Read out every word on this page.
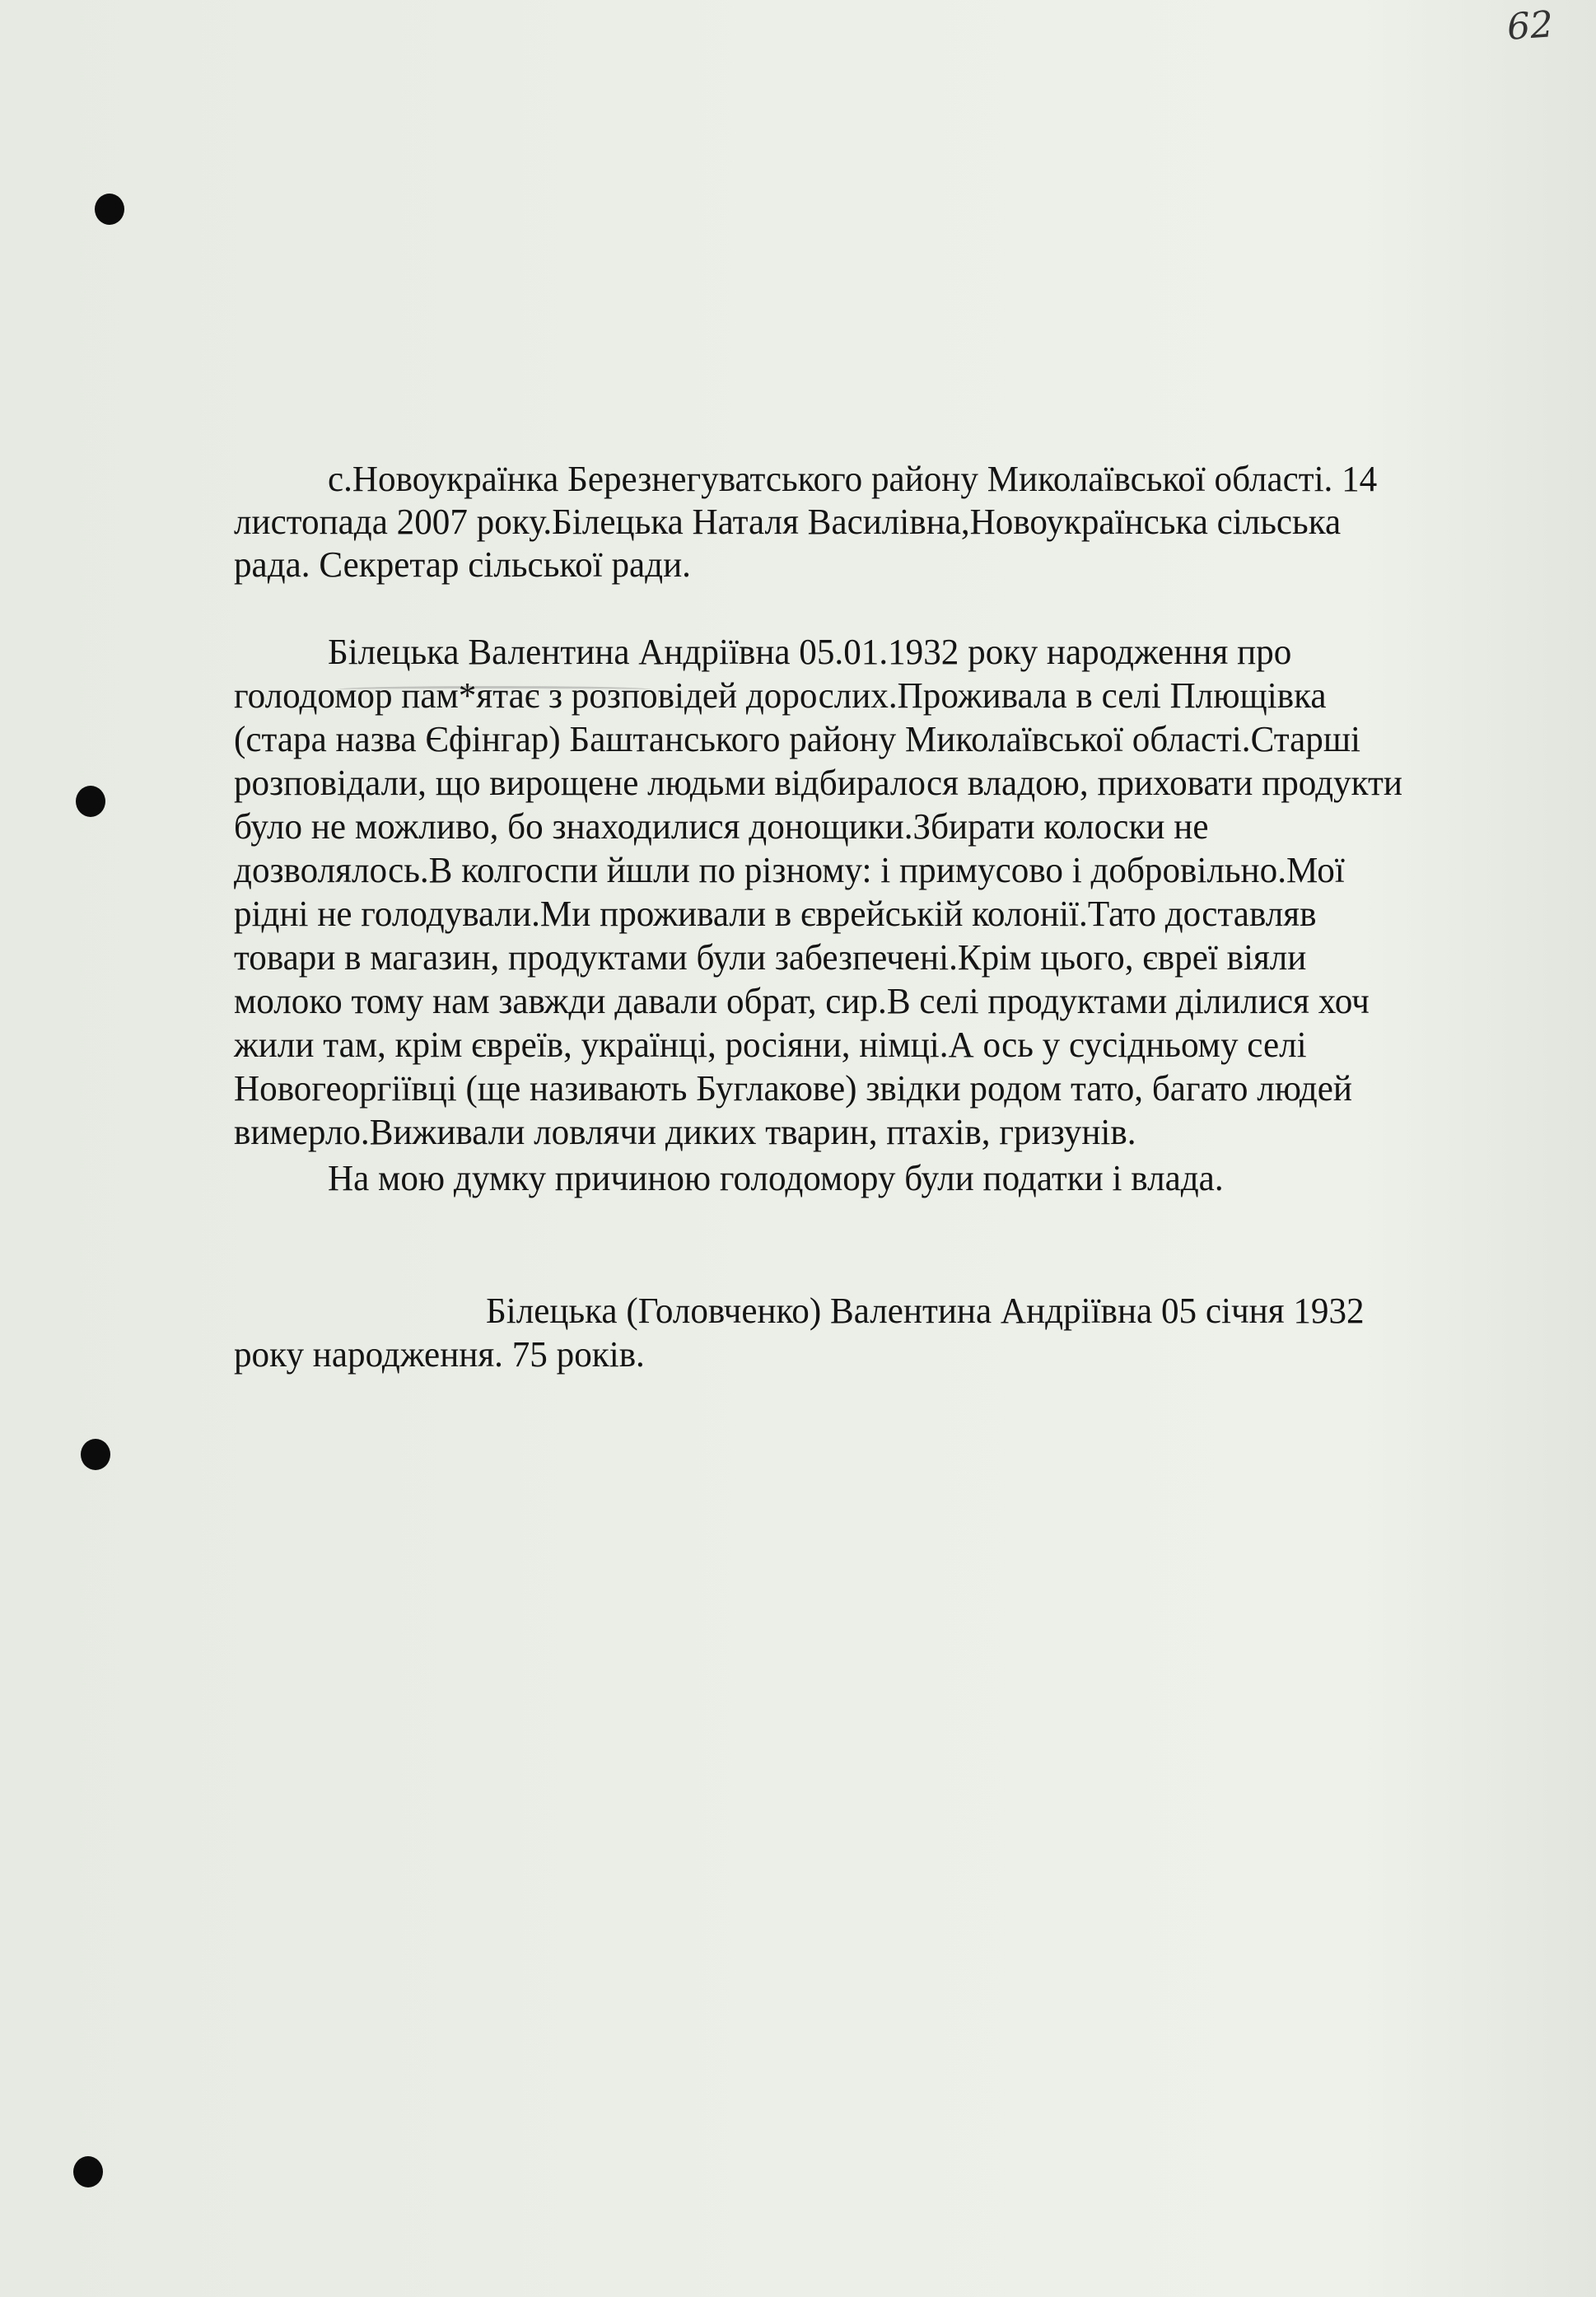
62
с.Новоукраїнка Березнегуватського району Миколаївської області. 14
листопада 2007 року.Білецька Наталя Василівна,Новоукраїнська сільська
рада. Секретар сільської ради.
Білецька Валентина Андріївна 05.01.1932 року народження про
голодомор пам*ятає з розповідей дорослих.Проживала в селі Плющівка
(стара назва Єфінгар) Баштанського району Миколаївської області.Старші
розповідали, що вирощене людьми відбиралося владою, приховати продукти
було не можливо, бо знаходилися донощики.Збирати колоски не
дозволялось.В колгоспи йшли по різному: і примусово і добровільно.Мої
рідні не голодували.Ми проживали в єврейській колонії.Тато доставляв
товари в магазин, продуктами були забезпечені.Крім цього, євреї віяли
молоко тому нам завжди давали обрат, сир.В селі продуктами ділилися хоч
жили там, крім євреїв, українці, росіяни, німці.А ось у сусідньому селі
Новогеоргіївці (ще називають Буглакове) звідки родом тато, багато людей
вимерло.Виживали ловлячи диких тварин, птахів, гризунів.
На мою думку причиною голодомору були податки і влада.
Білецька (Головченко) Валентина Андріївна 05 січня 1932
року народження. 75 років.
